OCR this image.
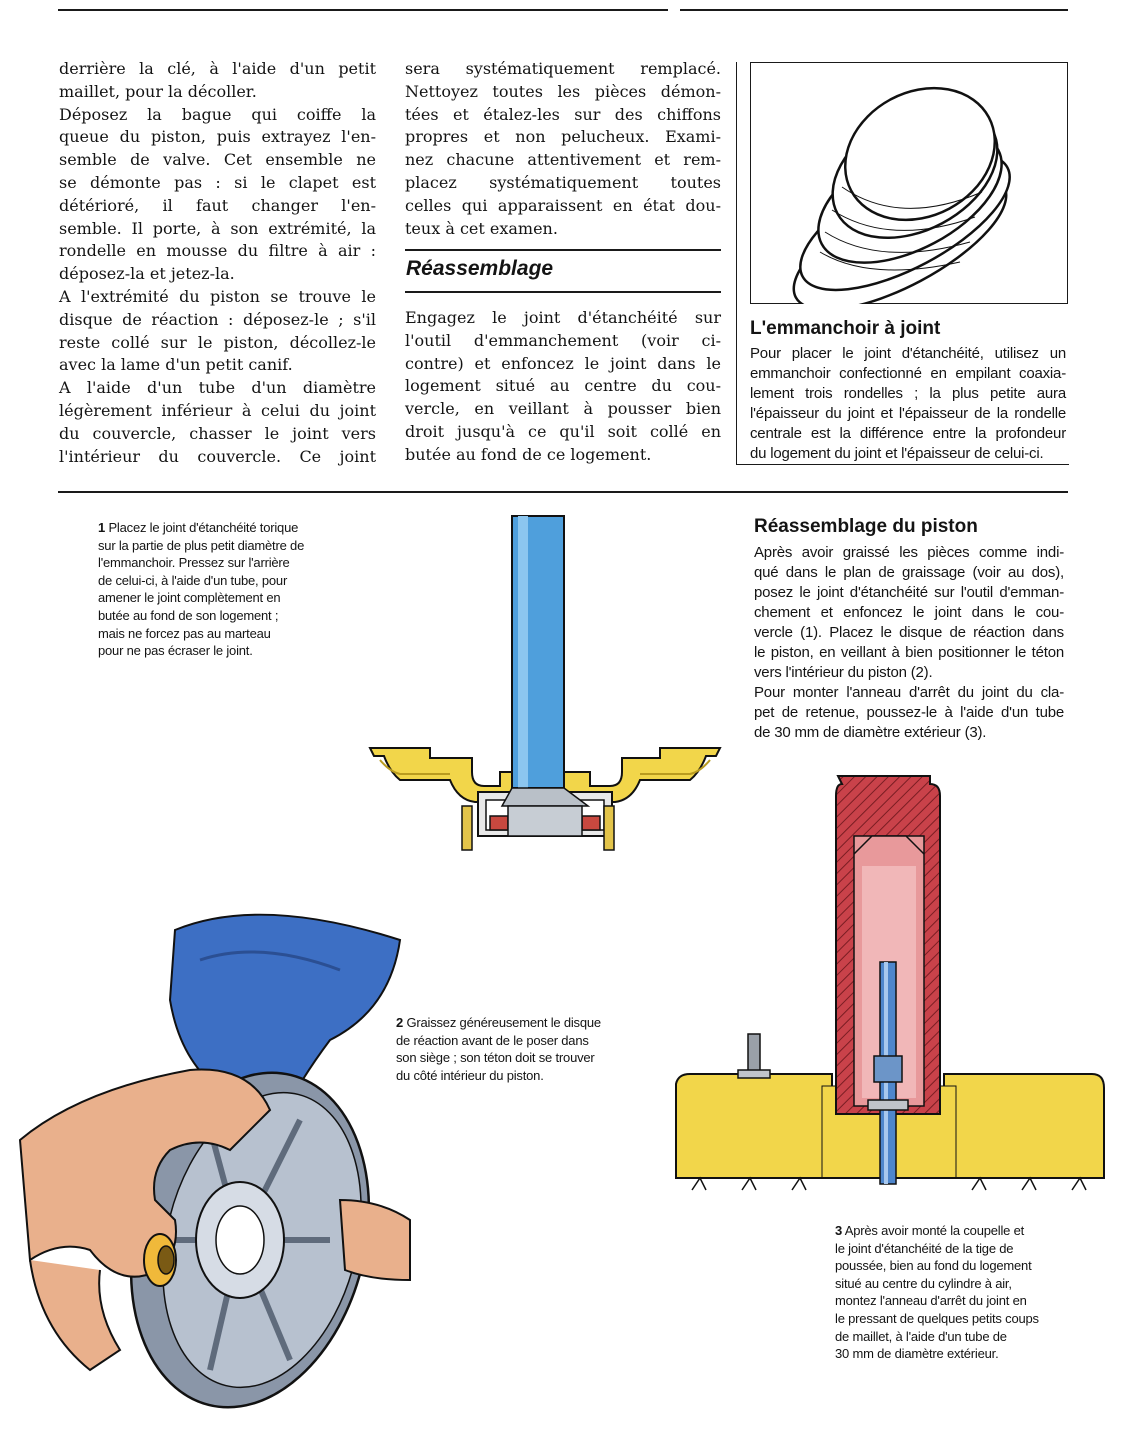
derrière la clé, à l'aide d'un petit

maillet, pour la décoller.

Déposez la bague qui coiffe la

queue du piston, puis extrayez l'en-

semble de valve. Cet ensemble ne

se démonte pas : si le clapet est

détérioré, il faut changer l'en-

semble. Il porte, à son extrémité, la

rondelle en mousse du filtre à air :

déposez-la et jetez-la.

A l'extrémité du piston se trouve le

disque de réaction : déposez-le ; s'il

reste collé sur le piston, décollez-le

avec la lame d'un petit canif.

A l'aide d'un tube d'un diamètre

légèrement inférieur à celui du joint

du couvercle, chasser le joint vers

l'intérieur du couvercle. Ce joint

sera systématiquement remplacé.

Nettoyez toutes les pièces démon-

tées et étalez-les sur des chiffons

propres et non pelucheux. Exami-

nez chacune attentivement et rem-

placez systématiquement toutes

celles qui apparaissent en état dou-

teux à cet examen.

Réassemblage

Engagez le joint d'étanchéité sur

l'outil d'emmanchement (voir ci-

contre) et enfoncez le joint dans le

logement situé au centre du cou-

vercle, en veillant à pousser bien

droit jusqu'à ce qu'il soit collé en

butée au fond de ce logement.

L'emmanchoir à joint

Pour placer le joint d'étanchéité, utilisez un

emmanchoir confectionné en empilant coaxia-

lement trois rondelles ; la plus petite aura

l'épaisseur du joint et l'épaisseur de la rondelle

centrale est la différence entre la profondeur

du logement du joint et l'épaisseur de celui-ci.

1 Placez le joint d'étanchéité torique

sur la partie de plus petit diamètre de

l'emmanchoir. Pressez sur l'arrière

de celui-ci, à l'aide d'un tube, pour

amener le joint complètement en

butée au fond de son logement ;

mais ne forcez pas au marteau

pour ne pas écraser le joint.

Réassemblage du piston

Après avoir graissé les pièces comme indi-

qué dans le plan de graissage (voir au dos),

posez le joint d'étanchéité sur l'outil d'emman-

chement et enfoncez le joint dans le cou-

vercle (1). Placez le disque de réaction dans

le piston, en veillant à bien positionner le téton

vers l'intérieur du piston (2).

Pour monter l'anneau d'arrêt du joint du cla-

pet de retenue, poussez-le à l'aide d'un tube

de 30 mm de diamètre extérieur (3).

2 Graissez généreusement le disque

de réaction avant de le poser dans

son siège ; son téton doit se trouver

du côté intérieur du piston.

3 Après avoir monté la coupelle et

le joint d'étanchéité de la tige de

poussée, bien au fond du logement

situé au centre du cylindre à air,

montez l'anneau d'arrêt du joint en

le pressant de quelques petits coups

de maillet, à l'aide d'un tube de

30 mm de diamètre extérieur.
